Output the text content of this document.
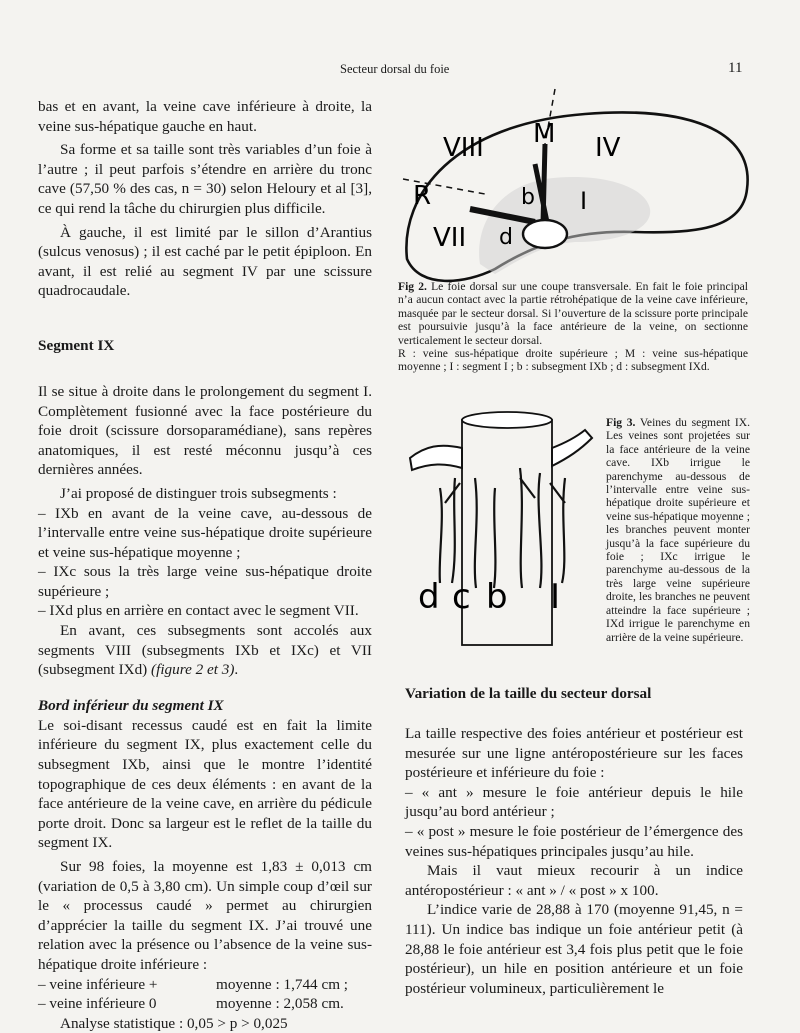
Secteur dorsal du foie	11

bas et en avant, la veine cave inférieure à droite, la veine sus-hépatique gauche en haut.

Sa forme et sa taille sont très variables d’un foie à l’autre ; il peut parfois s’étendre en arrière du tronc cave (57,50 % des cas, n = 30) selon Heloury et al [3], ce qui rend la tâche du chirurgien plus difficile.

À gauche, il est limité par le sillon d’Arantius (sulcus venosus) ; il est caché par le petit épiploon. En avant, il est relié au segment IV par une scissure quadrocaudale.

Segment IX

Il se situe à droite dans le prolongement du segment I. Complètement fusionné avec la face postérieure du foie droit (scissure dorsoparamédiane), sans repères anatomiques, il est resté méconnu jusqu’à ces dernières années.

J’ai proposé de distinguer trois subsegments :

– IXb en avant de la veine cave, au-dessous de l’intervalle entre veine sus-hépatique droite supérieure et veine sus-hépatique moyenne ;

– IXc sous la très large veine sus-hépatique droite supérieure ;

– IXd plus en arrière en contact avec le segment VII.

En avant, ces subsegments sont accolés aux segments VIII (subsegments IXb et IXc) et VII (subsegment IXd) (figure 2 et 3).

Bord inférieur du segment IX

Le soi-disant recessus caudé est en fait la limite inférieure du segment IX, plus exactement celle du subsegment IXb, ainsi que le montre l’identité topographique de ces deux éléments : en avant de la face antérieure de la veine cave, en arrière du pédicule porte droit. Donc sa largeur est le reflet de la taille du segment IX.

Sur 98 foies, la moyenne est 1,83 ± 0,013 cm (variation de 0,5 à 3,80 cm). Un simple coup d’œil sur le « processus caudé » permet au chirurgien d’apprécier la taille du segment IX. J’ai trouvé une relation avec la présence ou l’absence de la veine sus-hépatique droite inférieure :

– veine inférieure +	moyenne : 1,744 cm ;
– veine inférieure 0	moyenne : 2,058 cm.

Analyse statistique : 0,05 > p > 0,025

VIII M IV
R
VII
b I
d

Fig 2. Le foie dorsal sur une coupe transversale. En fait le foie principal n’a aucun contact avec la partie rétrohépatique de la veine cave inférieure, masquée par le secteur dorsal. Si l’ouverture de la scissure porte principale est poursuivie jusqu’à la face antérieure de la veine, on sectionne verticalement le secteur dorsal.

R : veine sus-hépatique droite supérieure ; M : veine sus-hépatique moyenne ; I : segment I ; b : subsegment IXb ; d : subsegment IXd.

d c b I
Fig 3. Veines du segment IX. Les veines sont projetées sur la face antérieure de la veine cave. IXb irrigue le parenchyme au-dessous de l’intervalle entre veine sus-hépatique droite supérieure et veine sus-hépatique moyenne ; les branches peuvent monter jusqu’à la face supérieure du foie ; IXc irrigue le parenchyme au-dessous de la très large veine supérieure droite, les branches ne peuvent atteindre la face supérieure ; IXd irrigue le parenchyme en arrière de la veine supérieure.
Variation de la taille du secteur dorsal

La taille respective des foies antérieur et postérieur est mesurée sur une ligne antéropostérieure sur les faces postérieure et inférieure du foie :

– « ant » mesure le foie antérieur depuis le hile jusqu’au bord antérieur ;

– « post » mesure le foie postérieur de l’émergence des veines sus-hépatiques principales jusqu’au hile.

Mais il vaut mieux recourir à un indice antéropostérieur : « ant » / « post » x 100.

L’indice varie de 28,88 à 170 (moyenne 91,45, n = 111). Un indice bas indique un foie antérieur petit (à 28,88 le foie antérieur est 3,4 fois plus petit que le foie postérieur), un hile en position antérieure et un foie postérieur volumineux, particulièrement le
